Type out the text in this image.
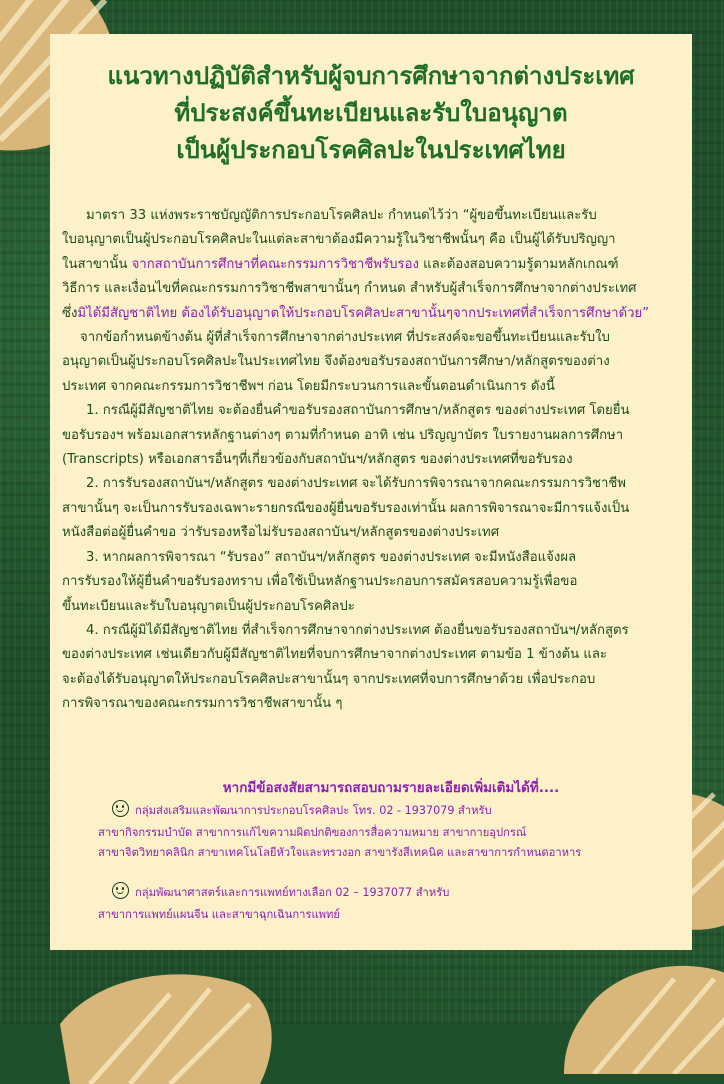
แนวทางปฏิบัติสำหรับผู้จบการศึกษาจากต่างประเทศ
ที่ประสงค์ขึ้นทะเบียนและรับใบอนุญาต
เป็นผู้ประกอบโรคศิลปะในประเทศไทย
มาตรา 33 แห่งพระราชบัญญัติการประกอบโรคศิลปะ กำหนดไว้ว่า “ผู้ขอขึ้นทะเบียนและรับ
ใบอนุญาตเป็นผู้ประกอบโรคศิลปะในแต่ละสาขาต้องมีความรู้ในวิชาชีพนั้นๆ คือ เป็นผู้ได้รับปริญญา
ในสาขานั้น จากสถาบันการศึกษาที่คณะกรรมการวิชาชีพรับรอง และต้องสอบความรู้ตามหลักเกณฑ์
วิธีการ และเงื่อนไขที่คณะกรรมการวิชาชีพสาขานั้นๆ กำหนด สำหรับผู้สำเร็จการศึกษาจากต่างประเทศ
ซึ่งมิได้มีสัญชาติไทย ต้องได้รับอนุญาตให้ประกอบโรคศิลปะสาขานั้นๆจากประเทศที่สำเร็จการศึกษาด้วย”
จากข้อกำหนดข้างต้น ผู้ที่สำเร็จการศึกษาจากต่างประเทศ ที่ประสงค์จะขอขึ้นทะเบียนและรับใบ
อนุญาตเป็นผู้ประกอบโรคศิลปะในประเทศไทย จึงต้องขอรับรองสถาบันการศึกษา/หลักสูตรของต่าง
ประเทศ จากคณะกรรมการวิชาชีพฯ ก่อน โดยมีกระบวนการและขั้นตอนดำเนินการ ดังนี้
1. กรณีผู้มีสัญชาติไทย จะต้องยื่นคำขอรับรองสถาบันการศึกษา/หลักสูตร ของต่างประเทศ โดยยื่น
ขอรับรองฯ พร้อมเอกสารหลักฐานต่างๆ ตามที่กำหนด อาทิ เช่น ปริญญาบัตร ใบรายงานผลการศึกษา
(Transcripts) หรือเอกสารอื่นๆที่เกี่ยวข้องกับสถาบันฯ/หลักสูตร ของต่างประเทศที่ขอรับรอง
2. การรับรองสถาบันฯ/หลักสูตร ของต่างประเทศ จะได้รับการพิจารณาจากคณะกรรมการวิชาชีพ
สาขานั้นๆ จะเป็นการรับรองเฉพาะรายกรณีของผู้ยื่นขอรับรองเท่านั้น ผลการพิจารณาจะมีการแจ้งเป็น
หนังสือต่อผู้ยื่นคำขอ ว่ารับรองหรือไม่รับรองสถาบันฯ/หลักสูตรของต่างประเทศ
3. หากผลการพิจารณา “รับรอง” สถาบันฯ/หลักสูตร ของต่างประเทศ จะมีหนังสือแจ้งผล
การรับรองให้ผู้ยื่นคำขอรับรองทราบ เพื่อใช้เป็นหลักฐานประกอบการสมัครสอบความรู้เพื่อขอ
ขึ้นทะเบียนและรับใบอนุญาตเป็นผู้ประกอบโรคศิลปะ
4. กรณีผู้มิได้มีสัญชาติไทย ที่สำเร็จการศึกษาจากต่างประเทศ ต้องยื่นขอรับรองสถาบันฯ/หลักสูตร
ของต่างประเทศ เช่นเดียวกับผู้มีสัญชาติไทยที่จบการศึกษาจากต่างประเทศ ตามข้อ 1 ข้างต้น และ
จะต้องได้รับอนุญาตให้ประกอบโรคศิลปะสาขานั้นๆ จากประเทศที่จบการศึกษาด้วย เพื่อประกอบ
การพิจารณาของคณะกรรมการวิชาชีพสาขานั้น ๆ
หากมีข้อสงสัยสามารถสอบถามรายละเอียดเพิ่มเติมได้ที่....
กลุ่มส่งเสริมและพัฒนาการประกอบโรคศิลปะ โทร. 02 - 1937079 สำหรับ
สาขากิจกรรมบำบัด สาขาการแก้ไขความผิดปกติของการสื่อความหมาย สาขากายอุปกรณ์
สาขาจิตวิทยาคลินิก สาขาเทคโนโลยีหัวใจและทรวงอก สาขารังสีเทคนิค และสาขาการกำหนดอาหาร
กลุ่มพัฒนาศาสตร์และการแพทย์ทางเลือก 02 – 1937077 สำหรับ
สาขาการแพทย์แผนจีน และสาขาฉุกเฉินการแพทย์
